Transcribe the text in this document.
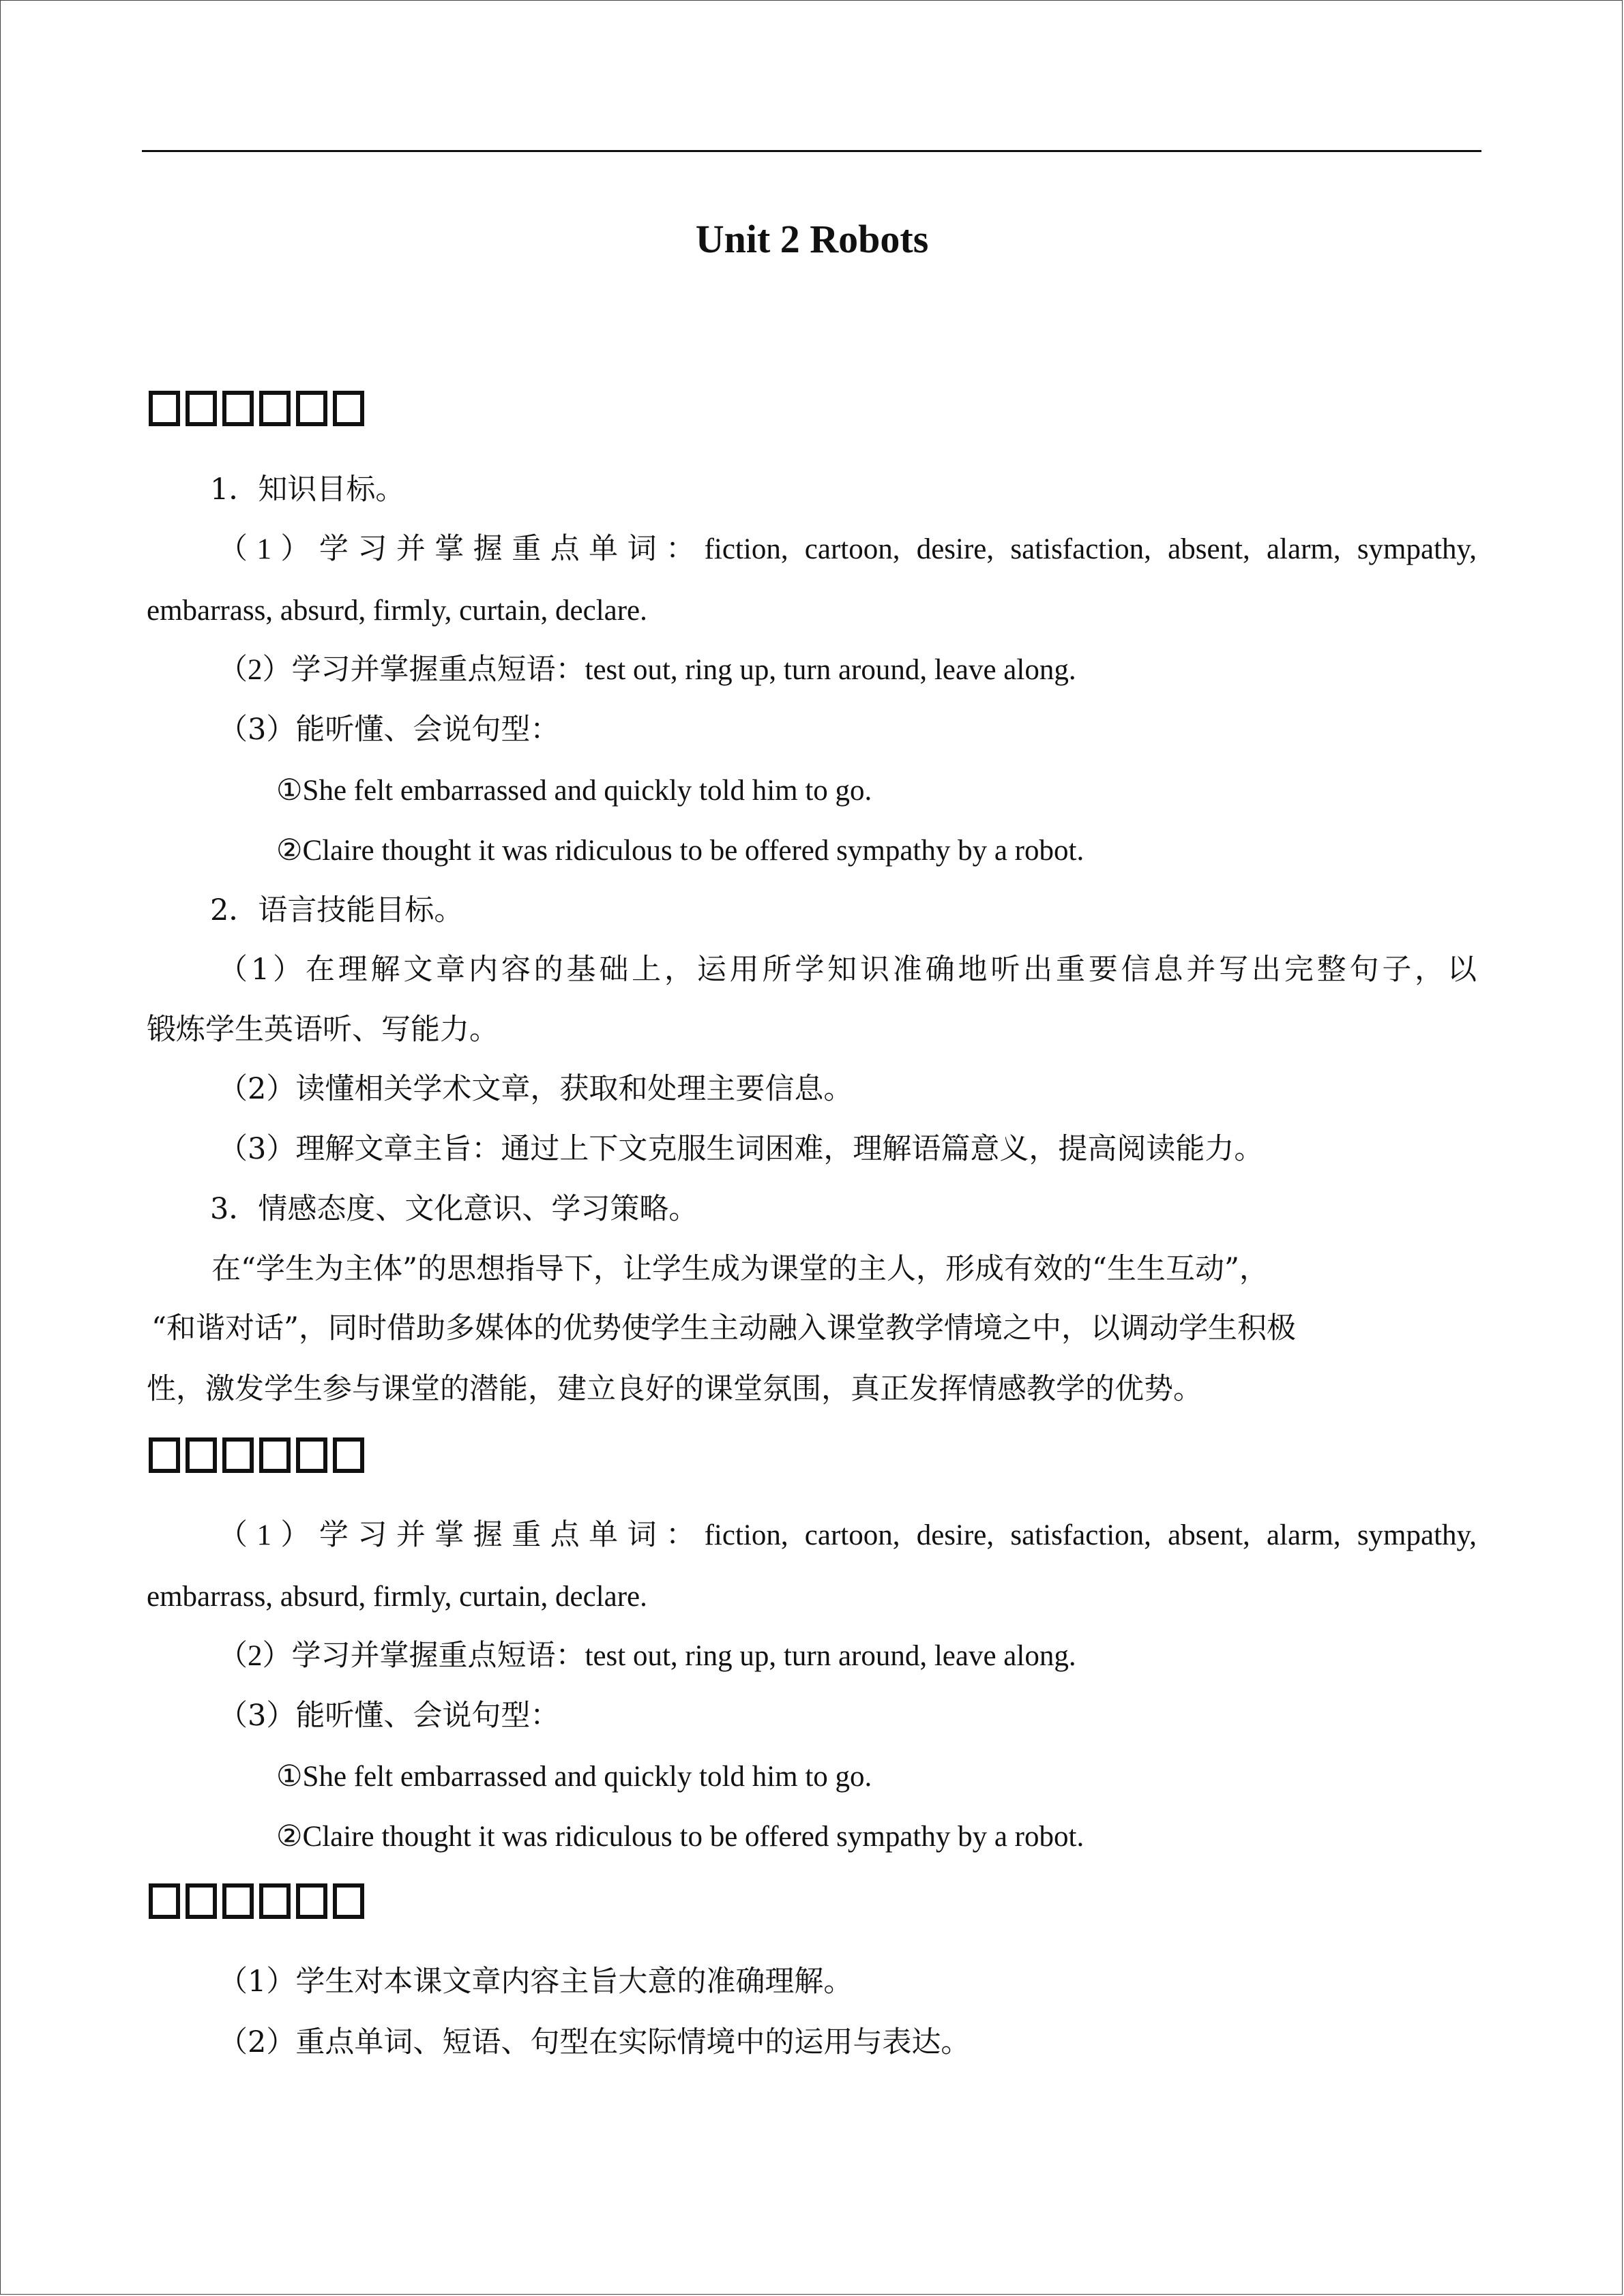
Unit 2 Robots
1．知识目标。
（1）学习并掌握重点单词：fiction, cartoon, desire, satisfaction, absent, alarm, sympathy,
embarrass, absurd, firmly, curtain, declare.
（2）学习并掌握重点短语：test out, ring up, turn around, leave along.
（3）能听懂、会说句型：
①She felt embarrassed and quickly told him to go.
②Claire thought it was ridiculous to be offered sympathy by a robot.
2．语言技能目标。
（1）在理解文章内容的基础上，运用所学知识准确地听出重要信息并写出完整句子，以
锻炼学生英语听、写能力。
（2）读懂相关学术文章，获取和处理主要信息。
（3）理解文章主旨：通过上下文克服生词困难，理解语篇意义，提高阅读能力。
3．情感态度、文化意识、学习策略。
在“学生为主体”的思想指导下，让学生成为课堂的主人，形成有效的“生生互动”，
“和谐对话”，同时借助多媒体的优势使学生主动融入课堂教学情境之中，以调动学生积极
性，激发学生参与课堂的潜能，建立良好的课堂氛围，真正发挥情感教学的优势。
（1）学习并掌握重点单词：fiction, cartoon, desire, satisfaction, absent, alarm, sympathy,
embarrass, absurd, firmly, curtain, declare.
（2）学习并掌握重点短语：test out, ring up, turn around, leave along.
（3）能听懂、会说句型：
①She felt embarrassed and quickly told him to go.
②Claire thought it was ridiculous to be offered sympathy by a robot.
（1）学生对本课文章内容主旨大意的准确理解。
（2）重点单词、短语、句型在实际情境中的运用与表达。
